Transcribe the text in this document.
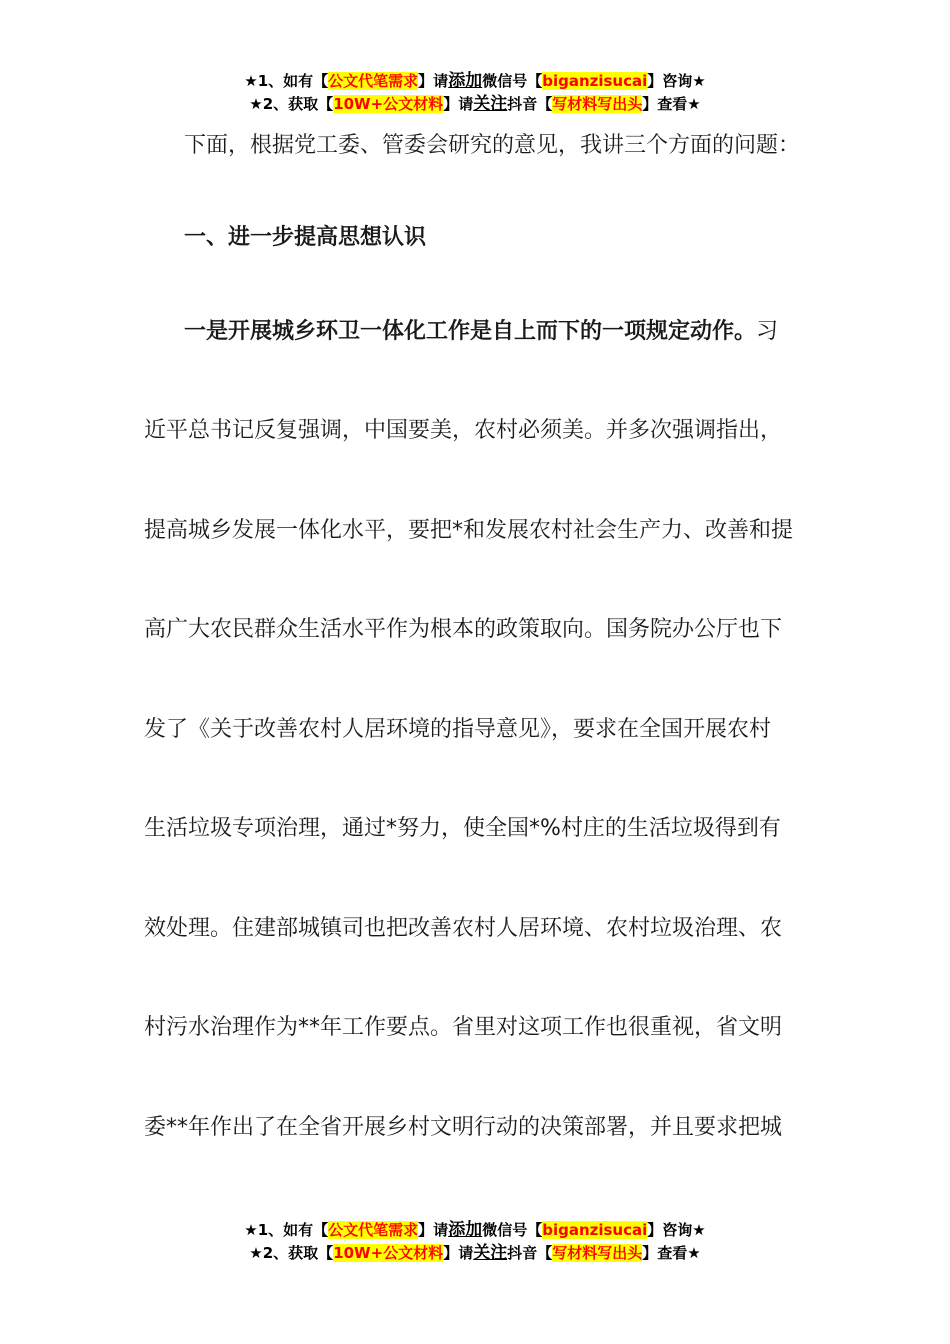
★1、如有【公文代笔需求】请添加微信号【biganzisucai】咨询★
★2、获取【10W+公文材料】请关注抖音【写材料写出头】查看★
下面，根据党工委、管委会研究的意见，我讲三个方面的问题：
一、进一步提高思想认识
一是开展城乡环卫一体化工作是自上而下的一项规定动作。习
近平总书记反复强调，中国要美，农村必须美。并多次强调指出，
提高城乡发展一体化水平，要把*和发展农村社会生产力、改善和提
高广大农民群众生活水平作为根本的政策取向。国务院办公厅也下
发了《关于改善农村人居环境的指导意见》，要求在全国开展农村
生活垃圾专项治理，通过*努力，使全国*%村庄的生活垃圾得到有
效处理。住建部城镇司也把改善农村人居环境、农村垃圾治理、农
村污水治理作为**年工作要点。省里对这项工作也很重视，省文明
委**年作出了在全省开展乡村文明行动的决策部署，并且要求把城
★1、如有【公文代笔需求】请添加微信号【biganzisucai】咨询★
★2、获取【10W+公文材料】请关注抖音【写材料写出头】查看★
